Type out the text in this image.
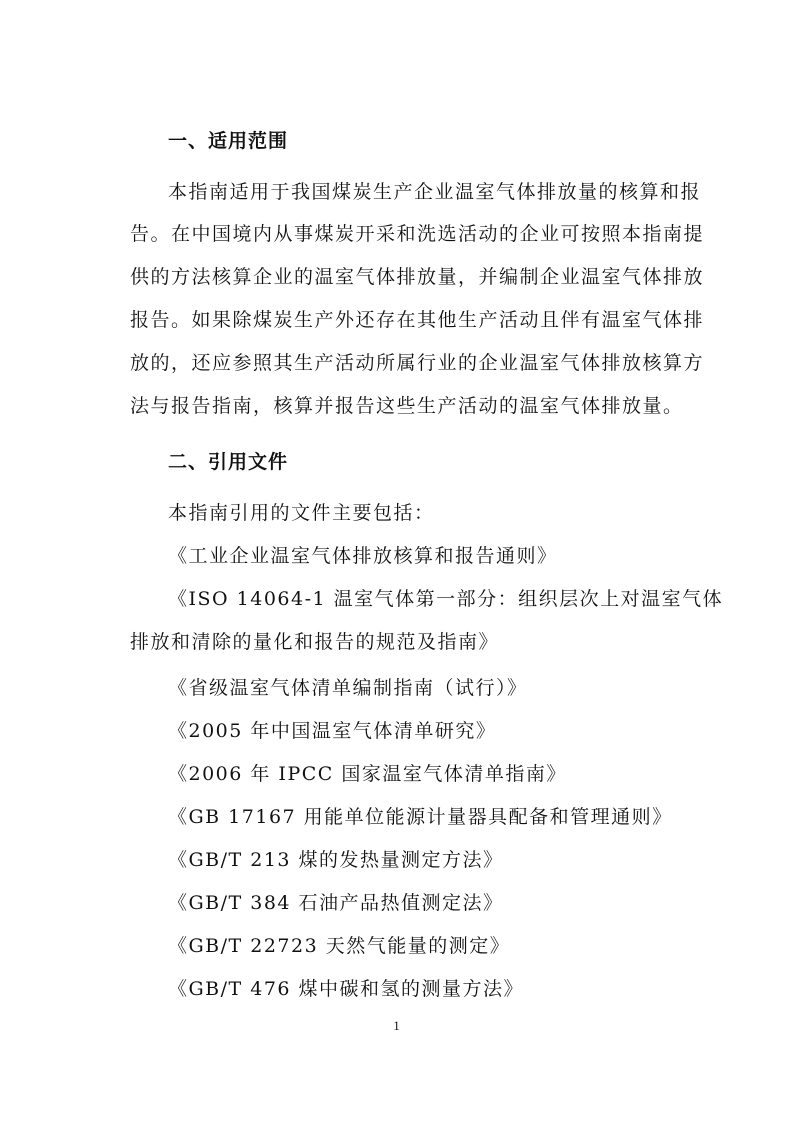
一、适用范围
本指南适用于我国煤炭生产企业温室气体排放量的核算和报
告。在中国境内从事煤炭开采和洗选活动的企业可按照本指南提
供的方法核算企业的温室气体排放量，并编制企业温室气体排放
报告。如果除煤炭生产外还存在其他生产活动且伴有温室气体排
放的，还应参照其生产活动所属行业的企业温室气体排放核算方
法与报告指南，核算并报告这些生产活动的温室气体排放量。
二、引用文件
本指南引用的文件主要包括：
《工业企业温室气体排放核算和报告通则》
《ISO 14064-1 温室气体第一部分：组织层次上对温室气体
排放和清除的量化和报告的规范及指南》
《省级温室气体清单编制指南（试行）》
《2005 年中国温室气体清单研究》
《2006 年 IPCC 国家温室气体清单指南》
《GB 17167 用能单位能源计量器具配备和管理通则》
《GB/T 213 煤的发热量测定方法》
《GB/T 384 石油产品热值测定法》
《GB/T 22723 天然气能量的测定》
《GB/T 476 煤中碳和氢的测量方法》
1
